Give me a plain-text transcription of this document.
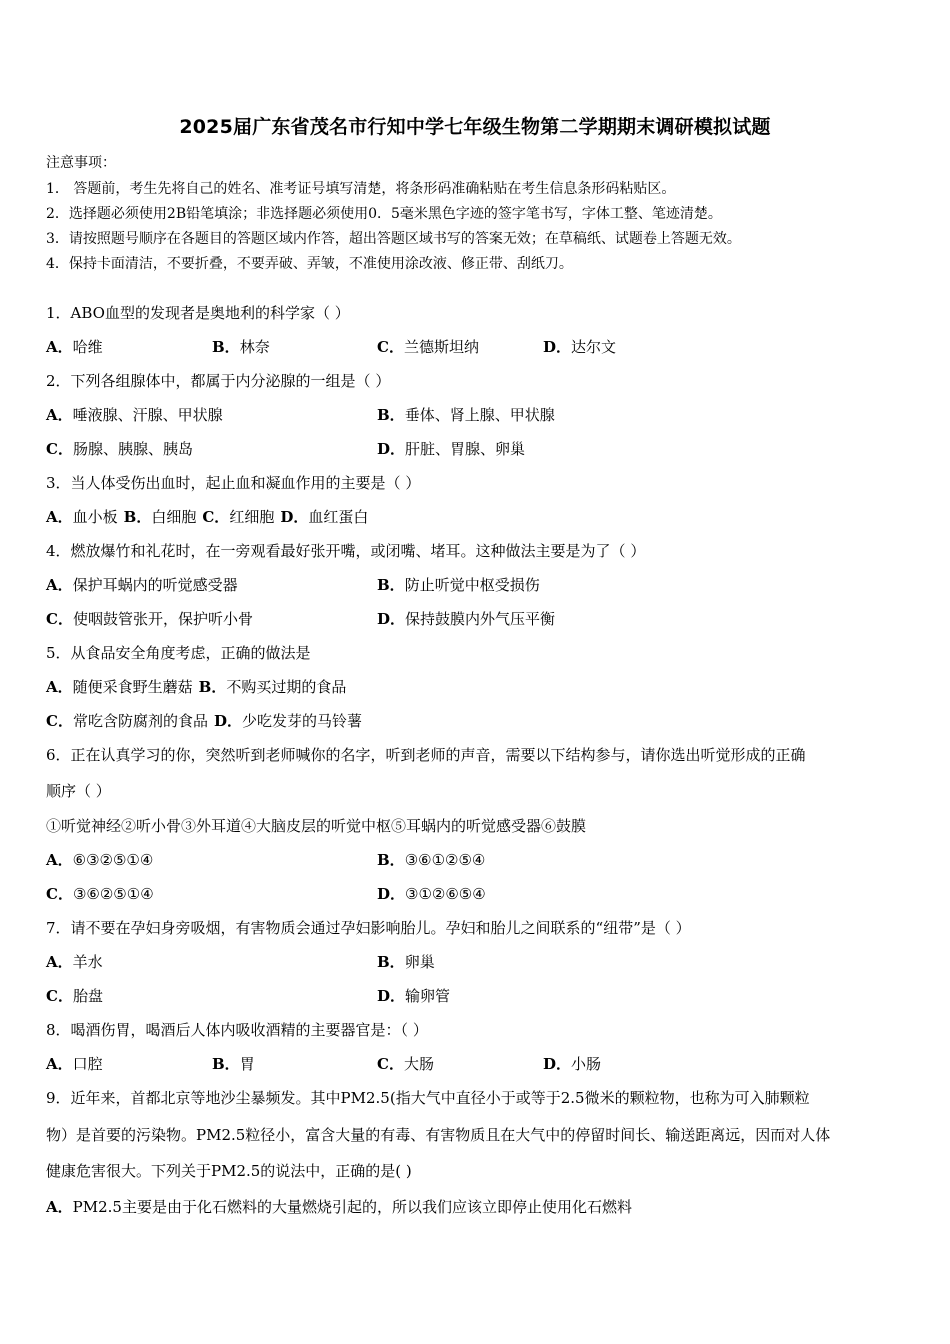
2025届广东省茂名市行知中学七年级生物第二学期期末调研模拟试题
注意事项：
1． 答题前，考生先将自己的姓名、准考证号填写清楚，将条形码准确粘贴在考生信息条形码粘贴区。
2．选择题必须使用2B铅笔填涂；非选择题必须使用0．5毫米黑色字迹的签字笔书写，字体工整、笔迹清楚。
3．请按照题号顺序在各题目的答题区域内作答，超出答题区域书写的答案无效；在草稿纸、试题卷上答题无效。
4．保持卡面清洁，不要折叠，不要弄破、弄皱，不准使用涂改液、修正带、刮纸刀。
1．ABO血型的发现者是奥地利的科学家（ ）
A．哈维	B．林奈	C．兰德斯坦纳	D．达尔文
2．下列各组腺体中，都属于内分泌腺的一组是（ ）
A．唾液腺、汗腺、甲状腺	B．垂体、肾上腺、甲状腺
C．肠腺、胰腺、胰岛	D．肝脏、胃腺、卵巢
3．当人体受伤出血时，起止血和凝血作用的主要是（ ）
A．血小板 B．白细胞 C．红细胞 D．血红蛋白
4．燃放爆竹和礼花时，在一旁观看最好张开嘴，或闭嘴、堵耳。这种做法主要是为了（ ）
A．保护耳蜗内的听觉感受器	B．防止听觉中枢受损伤
C．使咽鼓管张开，保护听小骨	D．保持鼓膜内外气压平衡
5．从食品安全角度考虑，正确的做法是
A．随便采食野生蘑菇 B．不购买过期的食品
C．常吃含防腐剂的食品 D．少吃发芽的马铃薯
6．正在认真学习的你，突然听到老师喊你的名字，听到老师的声音，需要以下结构参与，请你选出听觉形成的正确
顺序（ ）
①听觉神经②听小骨③外耳道④大脑皮层的听觉中枢⑤耳蜗内的听觉感受器⑥鼓膜
A．⑥③②⑤①④	B．③⑥①②⑤④
C．③⑥②⑤①④	D．③①②⑥⑤④
7．请不要在孕妇身旁吸烟，有害物质会通过孕妇影响胎儿。孕妇和胎儿之间联系的“纽带”是（ ）
A．羊水	B．卵巢
C．胎盘	D．输卵管
8．喝酒伤胃，喝酒后人体内吸收酒精的主要器官是：（ ）
A．口腔	B．胃	C．大肠	D．小肠
9．近年来，首都北京等地沙尘暴频发。其中PM2.5(指大气中直径小于或等于2.5微米的颗粒物，也称为可入肺颗粒
物）是首要的污染物。PM2.5粒径小，富含大量的有毒、有害物质且在大气中的停留时间长、输送距离远，因而对人体
健康危害很大。下列关于PM2.5的说法中，正确的是( )
A．PM2.5主要是由于化石燃料的大量燃烧引起的，所以我们应该立即停止使用化石燃料
